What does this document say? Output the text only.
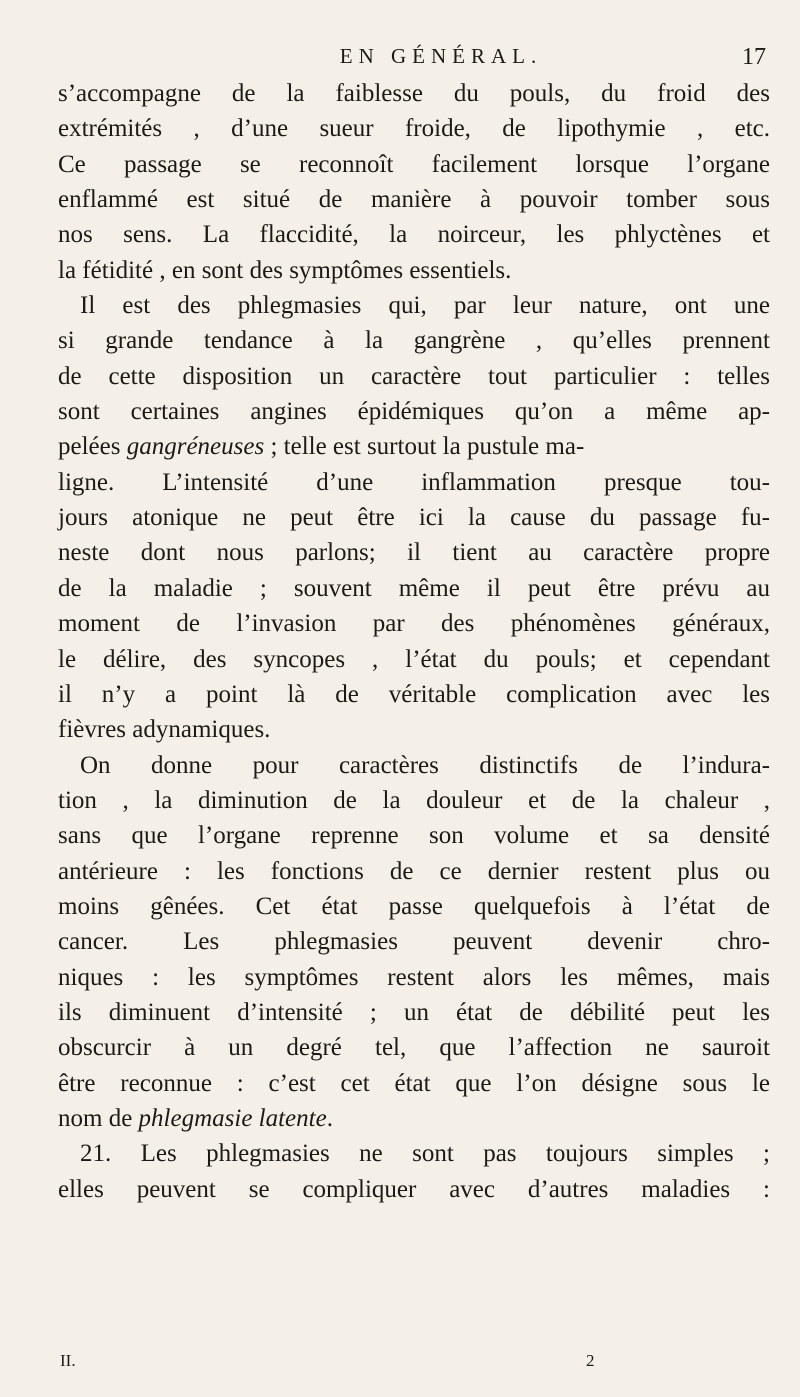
EN GÉNÉRAL.	17
s’accompagne de la faiblesse du pouls, du froid des
extrémités , d’une sueur froide, de lipothymie , etc.
Ce passage se reconnoît facilement lorsque l’organe
enflammé est situé de manière à pouvoir tomber sous
nos sens. La flaccidité, la noirceur, les phlyctènes et
la fétidité , en sont des symptômes essentiels.
Il est des phlegmasies qui, par leur nature, ont une
si grande tendance à la gangrène , qu’elles prennent
de cette disposition un caractère tout particulier : telles
sont certaines angines épidémiques qu’on a même ap-
pelées gangréneuses ; telle est surtout la pustule ma-
ligne. L’intensité d’une inflammation presque tou-
jours atonique ne peut être ici la cause du passage fu-
neste dont nous parlons; il tient au caractère propre
de la maladie ; souvent même il peut être prévu au
moment de l’invasion par des phénomènes généraux,
le délire, des syncopes , l’état du pouls; et cependant
il n’y a point là de véritable complication avec les
fièvres adynamiques.
On donne pour caractères distinctifs de l’indura-
tion , la diminution de la douleur et de la chaleur ,
sans que l’organe reprenne son volume et sa densité
antérieure : les fonctions de ce dernier restent plus ou
moins gênées. Cet état passe quelquefois à l’état de
cancer. Les phlegmasies peuvent devenir chro-
niques : les symptômes restent alors les mêmes, mais
ils diminuent d’intensité ; un état de débilité peut les
obscurcir à un degré tel, que l’affection ne sauroit
être reconnue : c’est cet état que l’on désigne sous le
nom de phlegmasie latente.
21. Les phlegmasies ne sont pas toujours simples ;
elles peuvent se compliquer avec d’autres maladies :
II.	2
